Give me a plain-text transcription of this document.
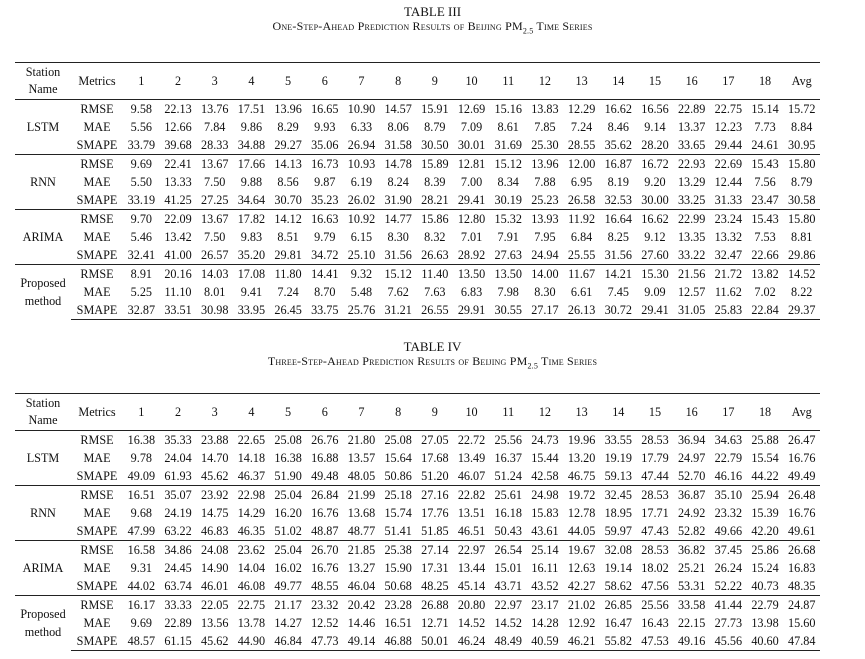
TABLE III
One-Step-Ahead Prediction Results of Beijing $PM_{2.5}$ Time Series
Station
Name	Metrics	1	2	3	4	5	6	7	8	9	10	11	12	13	14	15	16	17	18	Avg
LSTM	RMSE	9.58	22.13	13.76	17.51	13.96	16.65	10.90	14.57	15.91	12.69	15.16	13.83	12.29	16.62	16.56	22.89	22.75	15.14	15.72
	MAE	5.56	12.66	7.84	9.86	8.29	9.93	6.33	8.06	8.79	7.09	8.61	7.85	7.24	8.46	9.14	13.37	12.23	7.73	8.84
	SMAPE	33.79	39.68	28.33	34.88	29.27	35.06	26.94	31.58	30.50	30.01	31.69	25.30	28.55	35.62	28.20	33.65	29.44	24.61	30.95
RNN	RMSE	9.69	22.41	13.67	17.66	14.13	16.73	10.93	14.78	15.89	12.81	15.12	13.96	12.00	16.87	16.72	22.93	22.69	15.43	15.80
	MAE	5.50	13.33	7.50	9.88	8.56	9.87	6.19	8.24	8.39	7.00	8.34	7.88	6.95	8.19	9.20	13.29	12.44	7.56	8.79
	SMAPE	33.19	41.25	27.25	34.64	30.70	35.23	26.02	31.90	28.21	29.41	30.19	25.23	26.58	32.53	30.00	33.25	31.33	23.47	30.58
ARIMA	RMSE	9.70	22.09	13.67	17.82	14.12	16.63	10.92	14.77	15.86	12.80	15.32	13.93	11.92	16.64	16.62	22.99	23.24	15.43	15.80
	MAE	5.46	13.42	7.50	9.83	8.51	9.79	6.15	8.30	8.32	7.01	7.91	7.95	6.84	8.25	9.12	13.35	13.32	7.53	8.81
	SMAPE	32.41	41.00	26.57	35.20	29.81	34.72	25.10	31.56	26.63	28.92	27.63	24.94	25.55	31.56	27.60	33.22	32.47	22.66	29.86
Proposed
method	RMSE	8.91	20.16	14.03	17.08	11.80	14.41	9.32	15.12	11.40	13.50	13.50	14.00	11.67	14.21	15.30	21.56	21.72	13.82	14.52
	MAE	5.25	11.10	8.01	9.41	7.24	8.70	5.48	7.62	7.63	6.83	7.98	8.30	6.61	7.45	9.09	12.57	11.62	7.02	8.22
	SMAPE	32.87	33.51	30.98	33.95	26.45	33.75	25.76	31.21	26.55	29.91	30.55	27.17	26.13	30.72	29.41	31.05	25.83	22.84	29.37
TABLE IV
Three-Step-Ahead Prediction Results of Beijing $PM_{2.5}$ Time Series
Station
Name	Metrics	1	2	3	4	5	6	7	8	9	10	11	12	13	14	15	16	17	18	Avg
LSTM	RMSE	16.38	35.33	23.88	22.65	25.08	26.76	21.80	25.08	27.05	22.72	25.56	24.73	19.96	33.55	28.53	36.94	34.63	25.88	26.47
	MAE	9.78	24.04	14.70	14.18	16.38	16.88	13.57	15.64	17.68	13.49	16.37	15.44	13.20	19.19	17.79	24.97	22.79	15.54	16.76
	SMAPE	49.09	61.93	45.62	46.37	51.90	49.48	48.05	50.86	51.20	46.07	51.24	42.58	46.75	59.13	47.44	52.70	46.16	44.22	49.49
RNN	RMSE	16.51	35.07	23.92	22.98	25.04	26.84	21.99	25.18	27.16	22.82	25.61	24.98	19.72	32.45	28.53	36.87	35.10	25.94	26.48
	MAE	9.68	24.19	14.75	14.29	16.20	16.76	13.68	15.74	17.76	13.51	16.18	15.83	12.78	18.95	17.71	24.92	23.32	15.39	16.76
	SMAPE	47.99	63.22	46.83	46.35	51.02	48.87	48.77	51.41	51.85	46.51	50.43	43.61	44.05	59.97	47.43	52.82	49.66	42.20	49.61
ARIMA	RMSE	16.58	34.86	24.08	23.62	25.04	26.70	21.85	25.38	27.14	22.97	26.54	25.14	19.67	32.08	28.53	36.82	37.45	25.86	26.68
	MAE	9.31	24.45	14.90	14.04	16.02	16.76	13.27	15.90	17.31	13.44	15.01	16.11	12.63	19.14	18.02	25.21	26.24	15.24	16.83
	SMAPE	44.02	63.74	46.01	46.08	49.77	48.55	46.04	50.68	48.25	45.14	43.71	43.52	42.27	58.62	47.56	53.31	52.22	40.73	48.35
Proposed
method	RMSE	16.17	33.33	22.05	22.75	21.17	23.32	20.42	23.28	26.88	20.80	22.97	23.17	21.02	26.85	25.56	33.58	41.44	22.79	24.87
	MAE	9.69	22.89	13.56	13.78	14.27	12.52	14.46	16.51	12.71	14.52	14.52	14.28	12.92	16.47	16.43	22.15	27.73	13.98	15.60
	SMAPE	48.57	61.15	45.62	44.90	46.84	47.73	49.14	46.88	50.01	46.24	48.49	40.59	46.21	55.82	47.53	49.16	45.56	40.60	47.84
